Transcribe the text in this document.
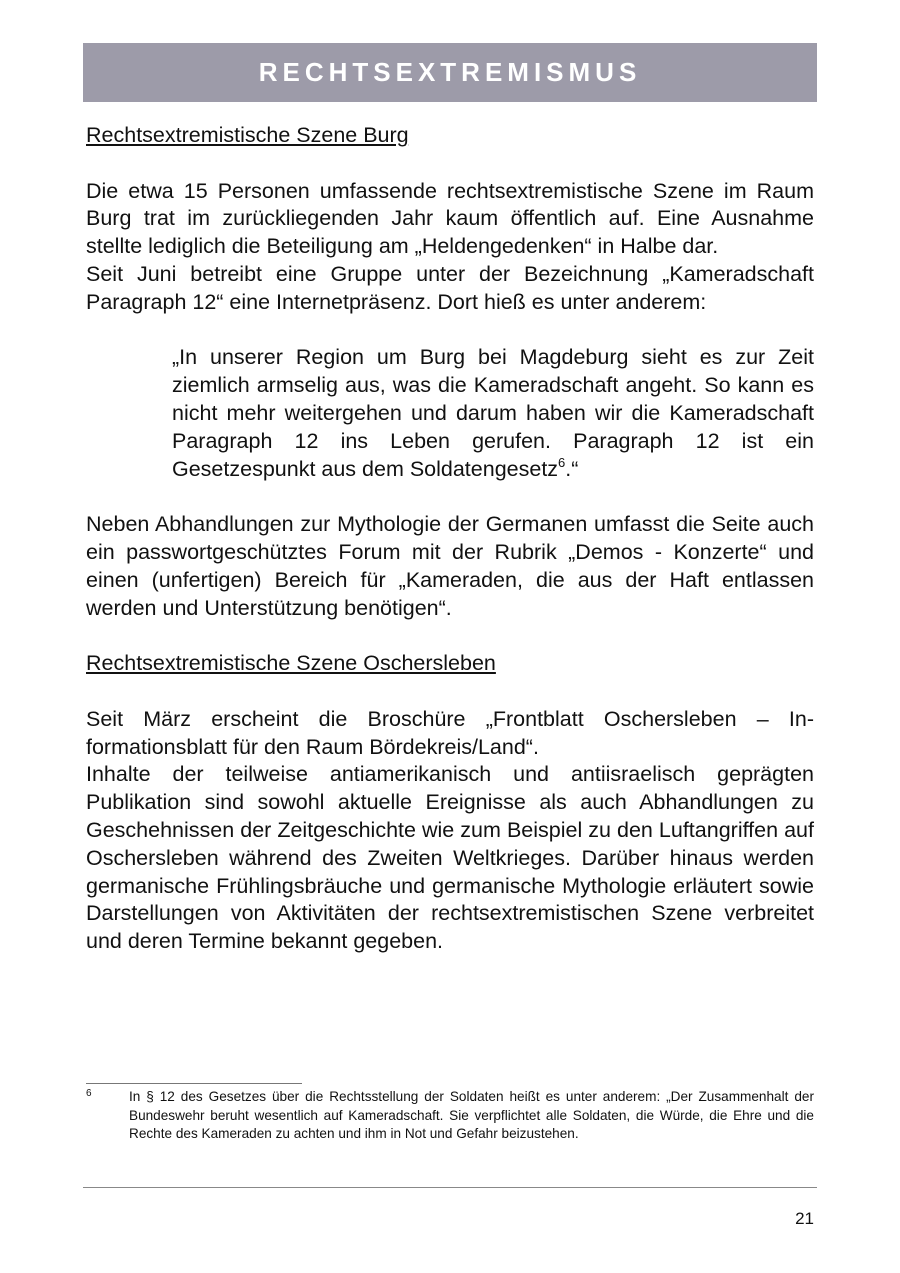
RECHTSEXTREMISMUS

Rechtsextremistische Szene Burg

Die etwa 15 Personen umfassende rechtsextremistische Szene im Raum Burg trat im zurückliegenden Jahr kaum öffentlich auf. Eine Ausnahme stellte lediglich die Beteiligung am „Heldengedenken“ in Halbe dar.

Seit Juni betreibt eine Gruppe unter der Bezeichnung „Kameradschaft Paragraph 12“ eine Internetpräsenz. Dort hieß es unter anderem:

„In unserer Region um Burg bei Magdeburg sieht es zur Zeit ziemlich armselig aus, was die Kameradschaft angeht. So kann es nicht mehr weitergehen und darum haben wir die Kameradschaft Paragraph 12 ins Leben gerufen. Paragraph 12 ist ein Gesetzespunkt aus dem Soldatengesetz$^6$.“

Neben Abhandlungen zur Mythologie der Germanen umfasst die Seite auch ein passwortgeschütztes Forum mit der Rubrik „Demos - Konzerte“ und einen (unfertigen) Bereich für „Kameraden, die aus der Haft entlassen werden und Unterstützung benötigen“.

Rechtsextremistische Szene Oschersleben

Seit März erscheint die Broschüre „Frontblatt Oschersleben – Informationsblatt für den Raum Bördekreis/Land“.

Inhalte der teilweise antiamerikanisch und antiisraelisch geprägten Publikation sind sowohl aktuelle Ereignisse als auch Abhandlungen zu Geschehnissen der Zeitgeschichte wie zum Beispiel zu den Luftangriffen auf Oschersleben während des Zweiten Weltkrieges. Darüber hinaus werden germanische Frühlingsbräuche und germanische Mythologie erläutert sowie Darstellungen von Aktivitäten der rechtsextremistischen Szene verbreitet und deren Termine bekannt gegeben.

6	In § 12 des Gesetzes über die Rechtsstellung der Soldaten heißt es unter anderem: „Der Zusammenhalt der Bundeswehr beruht wesentlich auf Kameradschaft. Sie verpflichtet alle Soldaten, die Würde, die Ehre und die Rechte des Kameraden zu achten und ihm in Not und Gefahr beizustehen.
21
